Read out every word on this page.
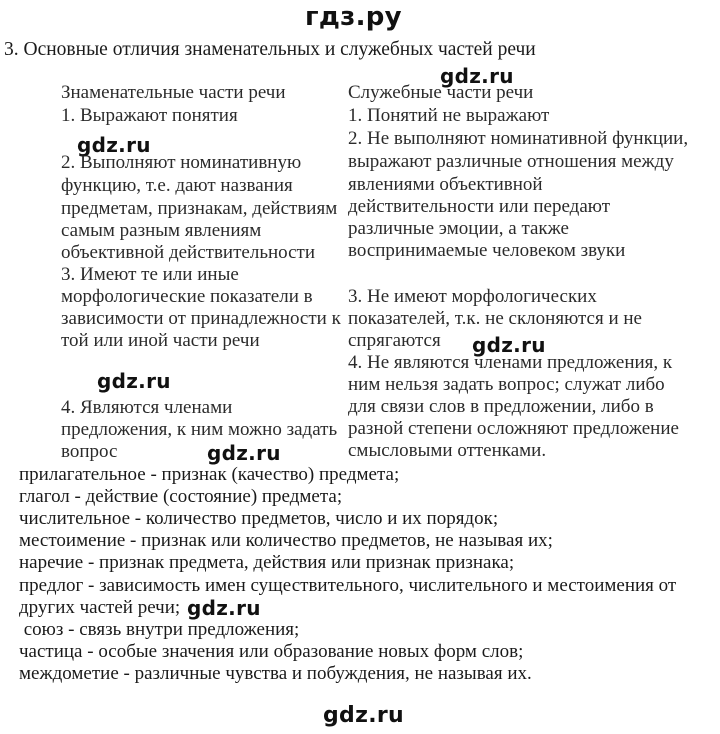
гдз.ру
3. Основные отличия знаменательных и служебных частей речи
gdz.ru
gdz.ru
gdz.ru
gdz.ru
gdz.ru
gdz.ru
Знаменательные части речи
1. Выражают понятия
2. Выполняют номинативную
функцию, т.е. дают названия
предметам, признакам, действиям
самым разным явлениям
объективной действительности
3. Имеют те или иные
морфологические показатели в
зависимости от принадлежности к
той или иной части речи
4. Являются членами
предложения, к ним можно задать
вопрос
Служебные части речи
1. Понятий не выражают
2. Не выполняют номинативной функции,
выражают различные отношения между
явлениями объективной
действительности или передают
различные эмоции, а также
воспринимаемые человеком звуки
3. Не имеют морфологических
показателей, т.к. не склоняются и не
спрягаются
4. Не являются членами предложения, к
ним нельзя задать вопрос; служат либо
для связи слов в предложении, либо в
разной степени осложняют предложение
смысловыми оттенками.
прилагательное - признак (качество) предмета;
глагол - действие (состояние) предмета;
числительное - количество предметов, число и их порядок;
местоимение - признак или количество предметов, не называя их;
наречие - признак предмета, действия или признак признака;
предлог - зависимость имен существительного, числительного и местоимения от
других частей речи;
союз - связь внутри предложения;
частица - особые значения или образование новых форм слов;
междометие - различные чувства и побуждения, не называя их.
gdz.ru
